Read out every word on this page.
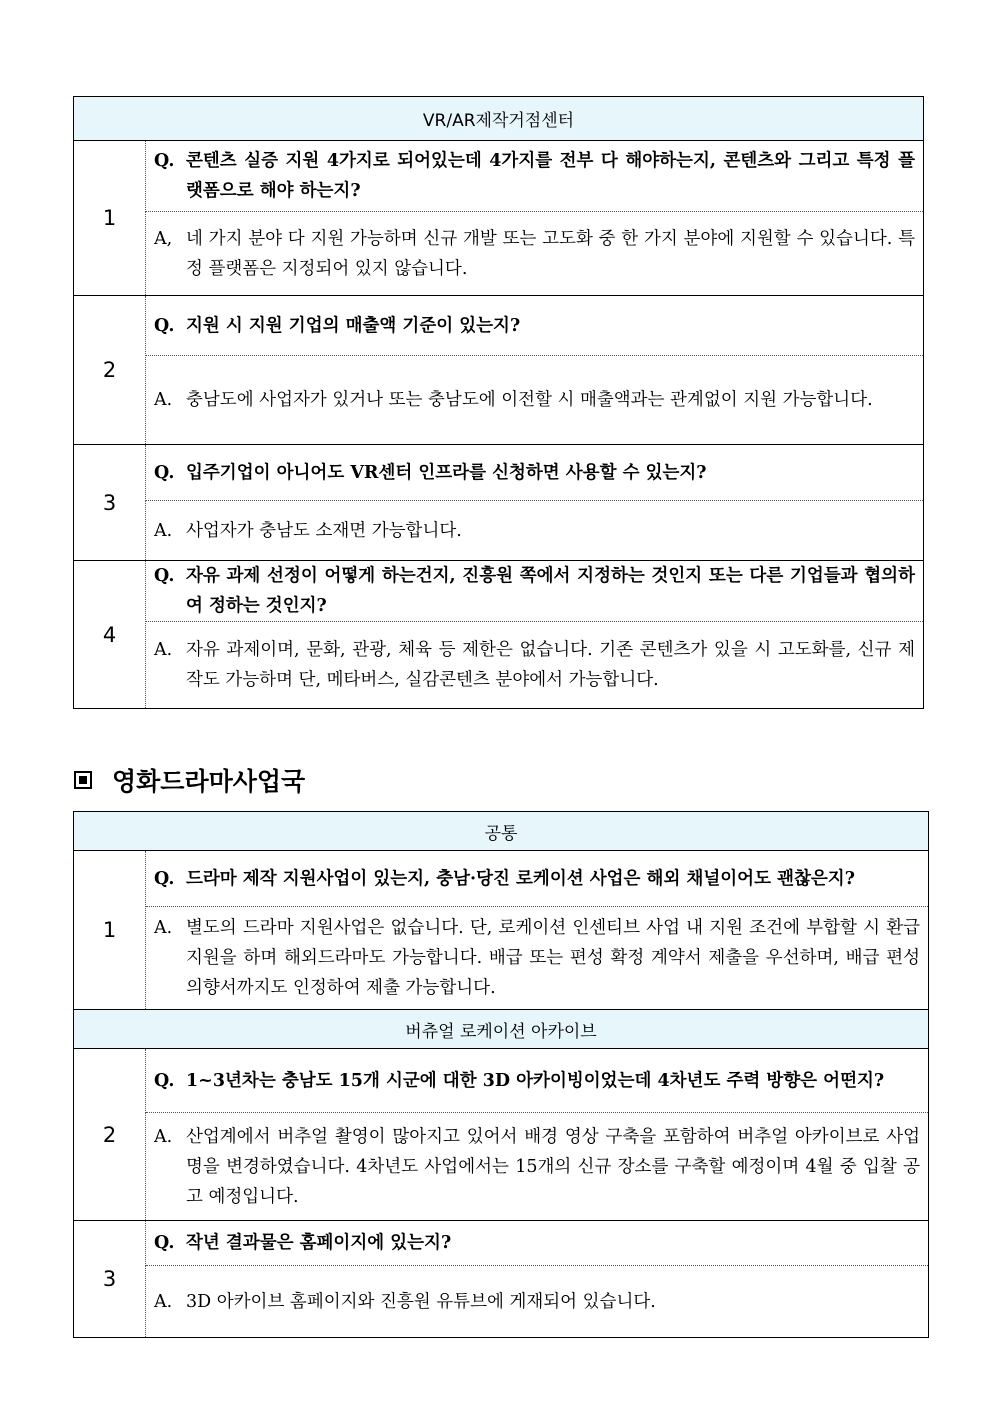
VR/AR제작거점센터	
1	Q. 콘텐츠 실증 지원 4가지로 되어있는데 4가지를 전부 다 해야하는지, 콘텐츠와 그리고 특정 플랫폼으로 해야 하는지?

	A, 네 가지 분야 다 지원 가능하며 신규 개발 또는 고도화 중 한 가지 분야에 지원할 수 있습니다. 특정 플랫폼은 지정되어 있지 않습니다.

2	Q. 지원 시 지원 기업의 매출액 기준이 있는지?

	A. 충남도에 사업자가 있거나 또는 충남도에 이전할 시 매출액과는 관계없이 지원 가능합니다.

3	Q. 입주기업이 아니어도 VR센터 인프라를 신청하면 사용할 수 있는지?

	A. 사업자가 충남도 소재면 가능합니다.

4	Q. 자유 과제 선정이 어떻게 하는건지, 진흥원 쪽에서 지정하는 것인지 또는 다른 기업들과 협의하여 정하는 것인지?

	A. 자유 과제이며, 문화, 관광, 체육 등 제한은 없습니다. 기존 콘텐츠가 있을 시 고도화를, 신규 제작도 가능하며 단, 메타버스, 실감콘텐츠 분야에서 가능합니다.
영화드라마사업국
공통	
1	Q. 드라마 제작 지원사업이 있는지, 충남·당진 로케이션 사업은 해외 채널이어도 괜찮은지?

	A. 별도의 드라마 지원사업은 없습니다. 단, 로케이션 인센티브 사업 내 지원 조건에 부합할 시 환급지원을 하며 해외드라마도 가능합니다. 배급 또는 편성 확정 계약서 제출을 우선하며, 배급 편성 의향서까지도 인정하여 제출 가능합니다.

버츄얼 로케이션 아카이브	
2	Q. 1~3년차는 충남도 15개 시군에 대한 3D 아카이빙이었는데 4차년도 주력 방향은 어떤지?

	A. 산업계에서 버추얼 촬영이 많아지고 있어서 배경 영상 구축을 포함하여 버추얼 아카이브로 사업명을 변경하였습니다. 4차년도 사업에서는 15개의 신규 장소를 구축할 예정이며 4월 중 입찰 공고 예정입니다.

3	Q. 작년 결과물은 홈페이지에 있는지?

	A. 3D 아카이브 홈페이지와 진흥원 유튜브에 게재되어 있습니다.
